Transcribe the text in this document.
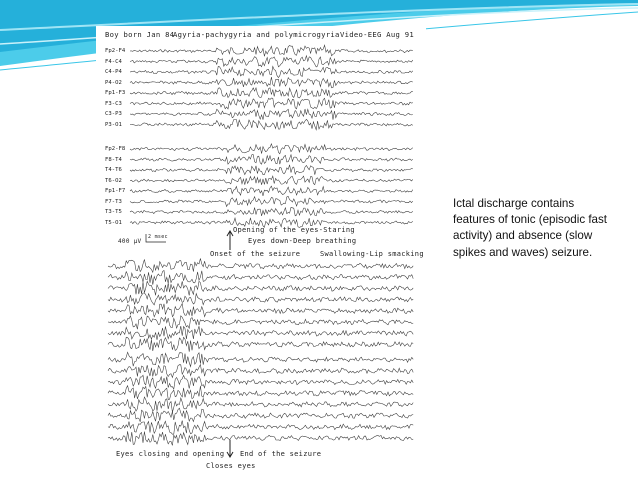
Boy born Jan 84
Agyria-pachygyria and polymicrogyria Video-EEG Aug 91
Fp2-F4
F4-C4
C4-P4
P4-O2
Fp1-F3
F3-C3
C3-P3
P3-O1
Fp2-F8
F8-T4
T4-T6
T6-O2
Fp1-F7
F7-T3
T3-T5
T5-O1
400 μV
2 msec
Opening of the eyes-Staring
Eyes down-Deep breathing
Onset of the seizure	Swallowing-Lip smacking
Eyes closing and opening End of the seizure
Closes eyes
Ictal discharge contains features of tonic (episodic fast activity) and absence (slow spikes and waves) seizure.
